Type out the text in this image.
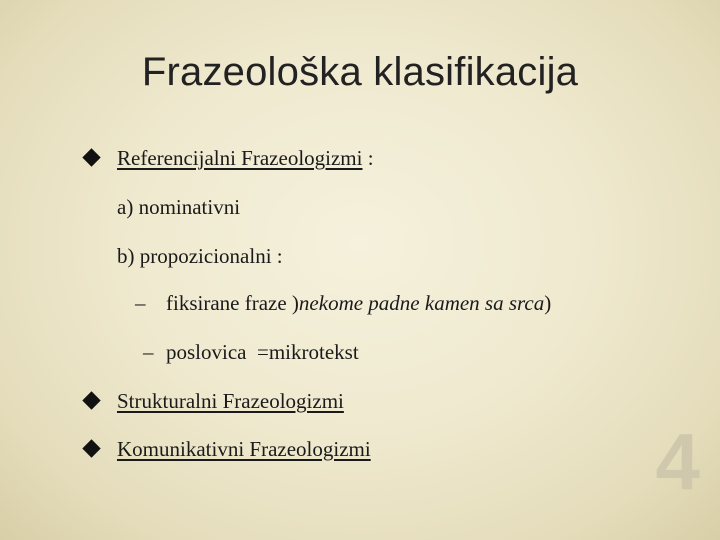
Frazeološka klasifikacija
Referencijalni Frazeologizmi :
a) nominativni
b) propozicionalni :
– fiksirane fraze )nekome padne kamen sa srca)
– poslovica  =mikrotekst
Strukturalni Frazeologizmi
Komunikativni Frazeologizmi	4
